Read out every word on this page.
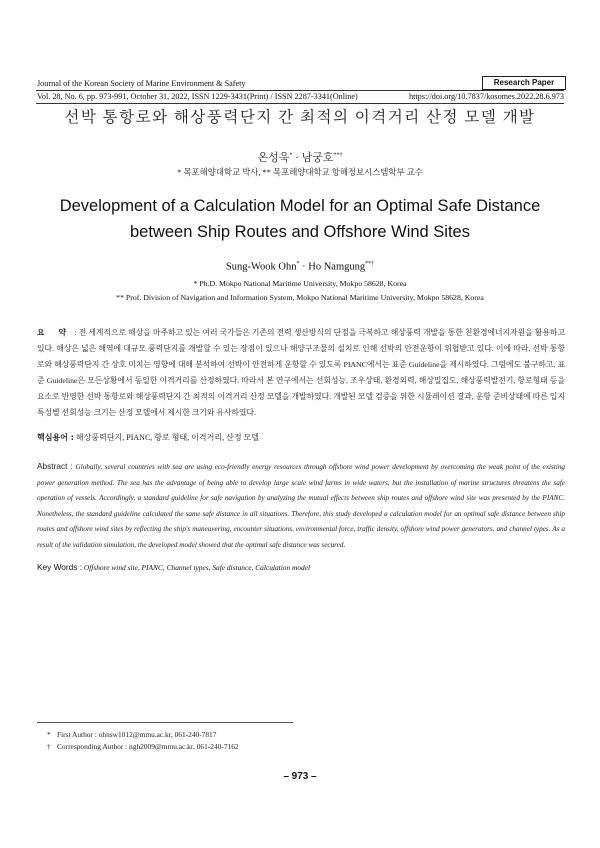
Journal of the Korean Society of Marine Environment & Safety	Research Paper
Vol. 28, No. 6, pp. 973-991, October 31, 2022, ISSN 1229-3431(Print) / ISSN 2287-3341(Online)	https://doi.org/10.7837/kosomes.2022.28.6.973
선박 통항로와 해상풍력단지 간 최적의 이격거리 산정 모델 개발
온성욱* · 남궁호**†
* 목포해양대학교 박사, ** 목포해양대학교 항해정보시스템학부 교수
Development of a Calculation Model for an Optimal Safe Distance
between Ship Routes and Offshore Wind Sites
Sung-Wook Ohn* · Ho Namgung**†
* Ph.D. Mokpo National Maritime University, Mokpo 58628, Korea
** Prof. Division of Navigation and Information System, Mokpo National Maritime University, Mokpo 58628, Korea
요 약 : 전 세계적으로 해상을 마주하고 있는 여러 국가들은 기존의 전력 생산방식의 단점을 극복하고 해상풍력 개발을 통한 친환경에너지자원을 활용하고 있다. 해상은 넓은 해역에 대규모 풍력단지를 개발할 수 있는 장점이 있으나 해양구조물의 설치로 인해 선박의 안전운항이 위협받고 있다. 이에 따라, 선박 통항로와 해상풍력단지 간 상호 미치는 영향에 대해 분석하여 선박이 안전하게 운항할 수 있도록 PIANC에서는 표준 Guideline을 제시하였다. 그럼에도 불구하고, 표준 Guideline은 모든상황에서 동일한 이격거리를 산정하였다. 따라서 본 연구에서는 선회성능, 조우상태, 환경외력, 해상밀집도, 해상풍력발전기, 항로형태 등을 요소로 반영한 선박 통항로와 해상풍력단지 간 최적의 이격거리 산정 모델을 개발하였다. 개발된 모델 검증을 위한 시뮬레이션 결과, 운항 준비상태에 따른 입지 특성별 선회성능 크기는 산정 모델에서 제시한 크기와 유사하였다.
핵심용어 : 해상풍력단지, PIANC, 항로 형태, 이격거리, 산정 모델
Abstract : Globally, several countries with sea are using eco-friendly energy resources through offshore wind power development by overcoming the weak point of the existing power generation method. The sea has the advantage of being able to develop large scale wind farms in wide waters, but the installation of marine structures threatens the safe operation of vessels. Accordingly, a standard guideline for safe navigation by analyzing the mutual effects between ship routes and offshore wind site was presented by the PIANC. Nonetheless, the standard guideline calculated the same safe distance in all situations. Therefore, this study developed a calculation model for an optimal safe distance between ship routes and offshore wind sites by reflecting the ship's maneuvering, encounter situations, environmental force, traffic density, offshore wind power generators, and channel types. As a result of the validation simulation, the developed model showed that the optimal safe distance was secured.
Key Words : Offshore wind site, PIANC, Channel types, Safe distance, Calculation model
* First Author : ohnsw1012@mmu.ac.kr, 061-240-7817
† Corresponding Author : ngh2009@mmu.ac.kr, 061-240-7162
– 973 –
